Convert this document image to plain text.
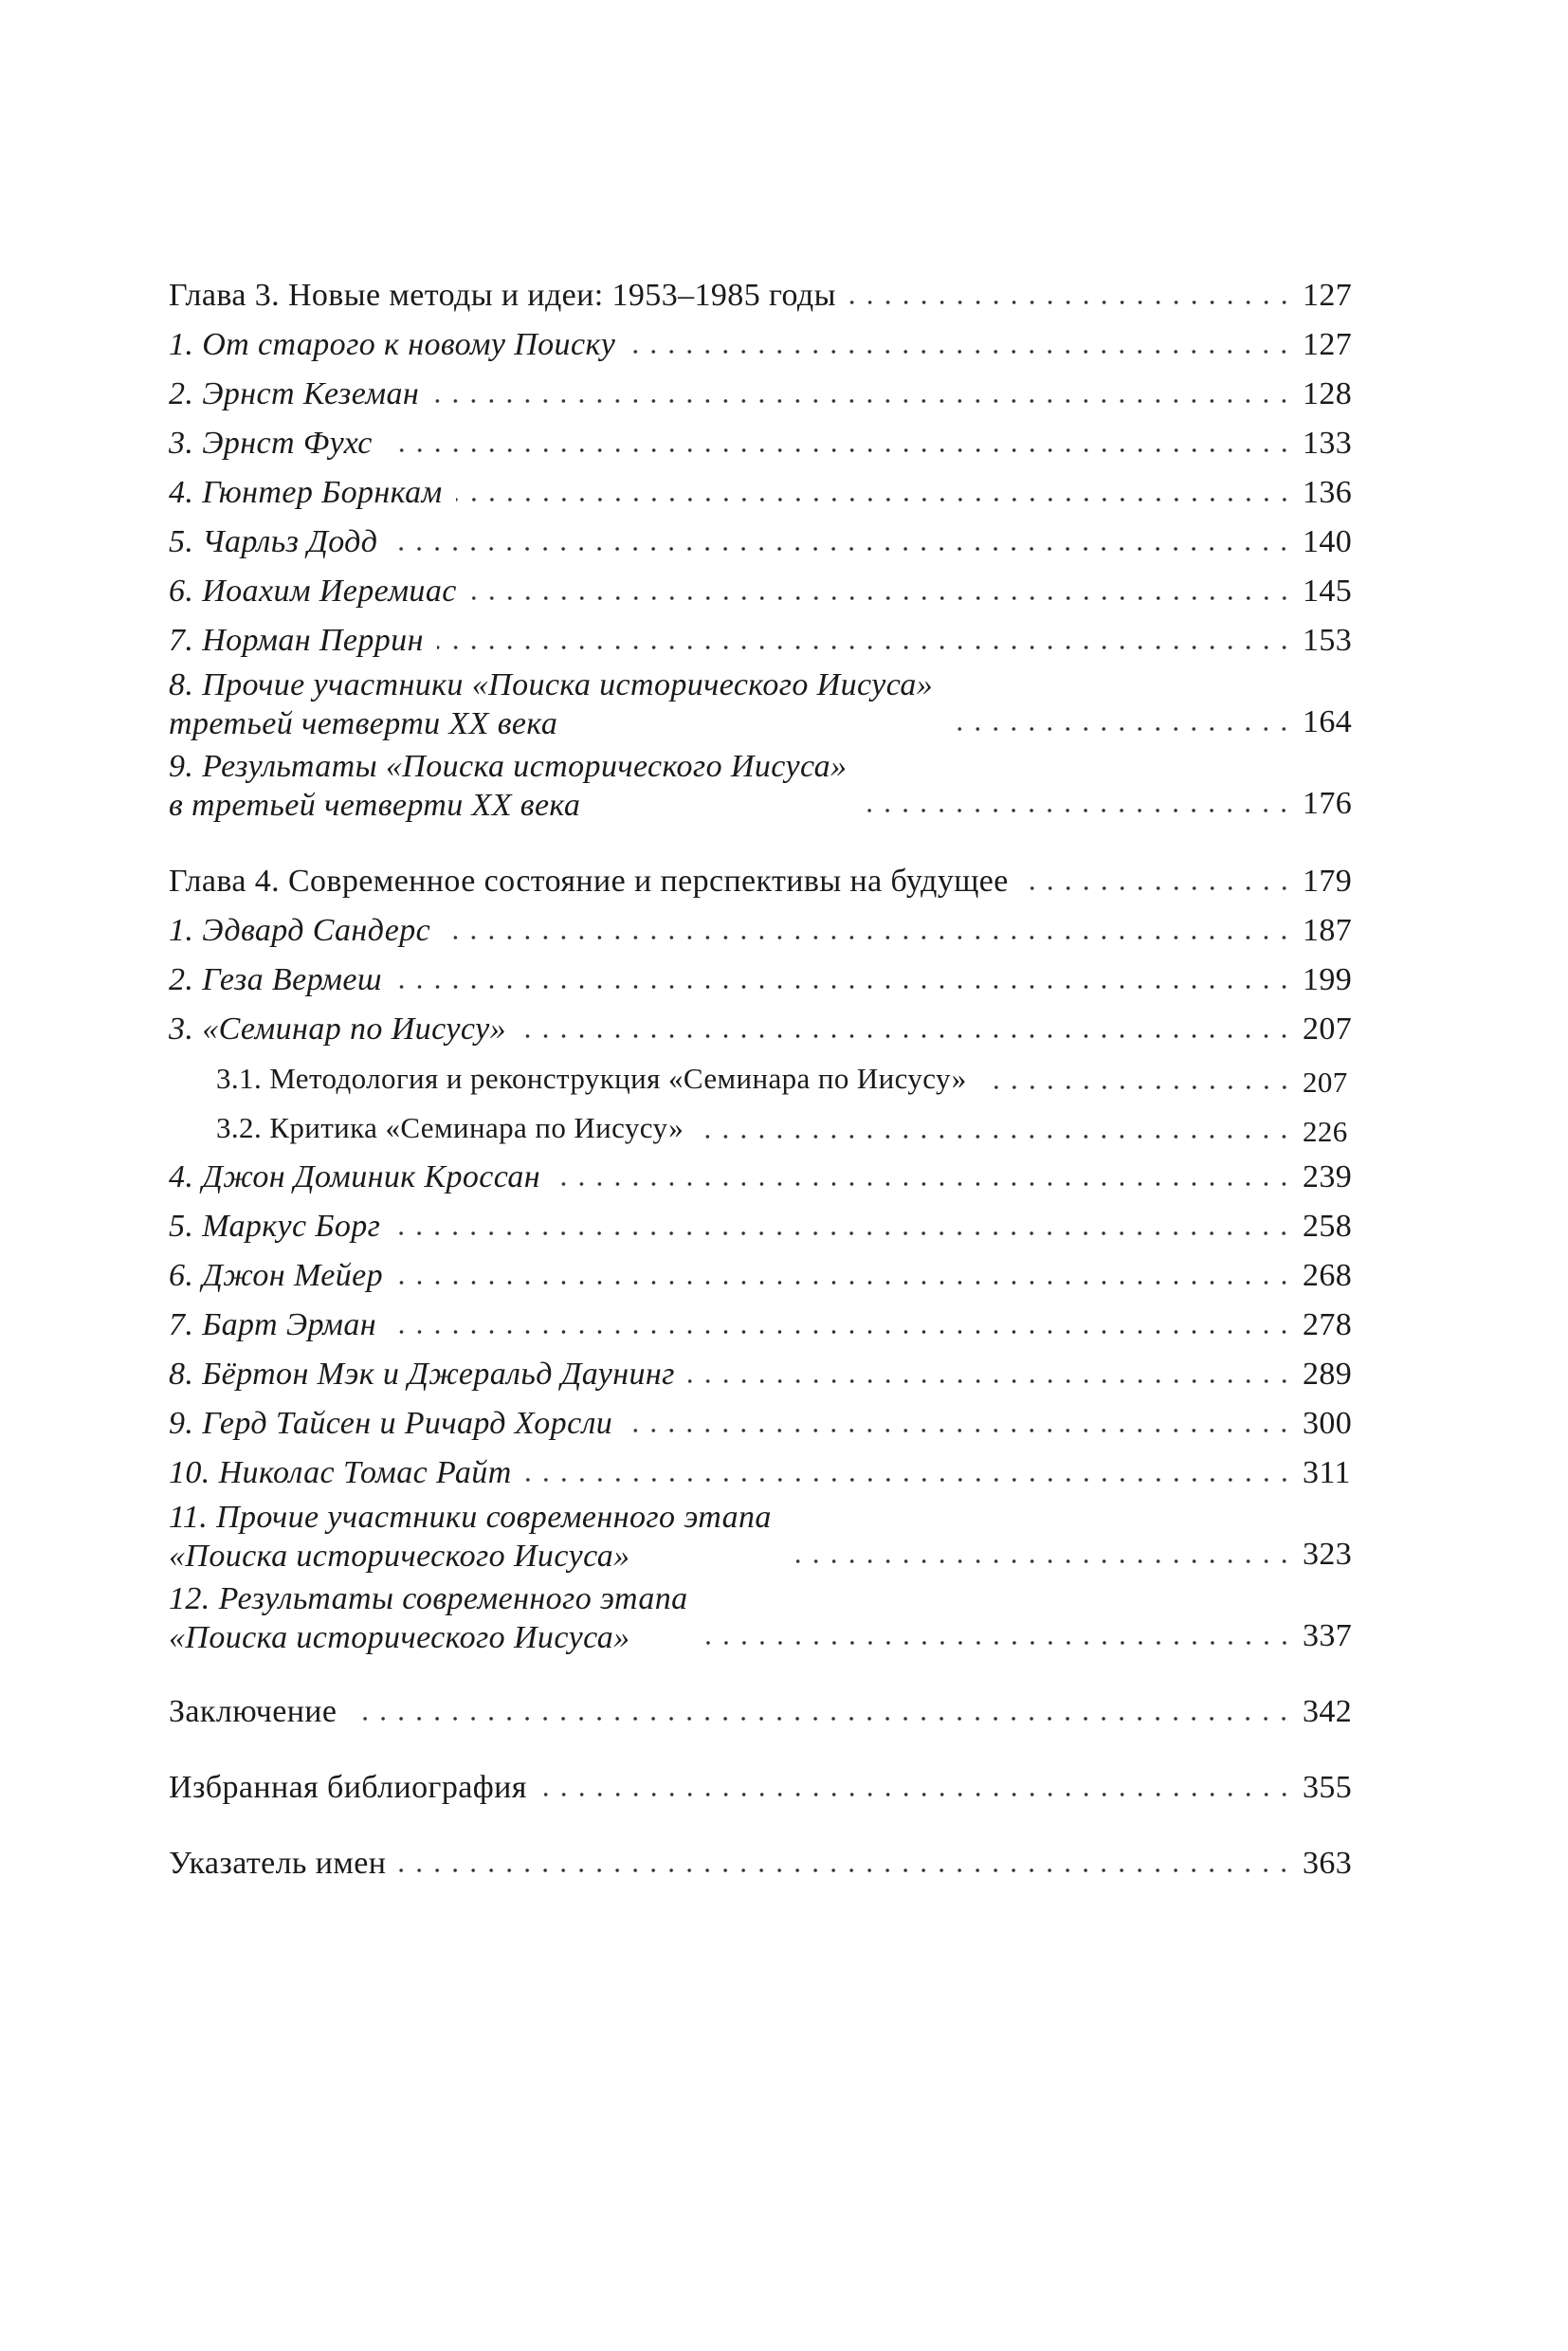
Глава 3. Новые методы и идеи: 1953–1985 годы	127
1. От старого к новому Поиску	127
2. Эрнст Кеземан	128
3. Эрнст Фухс	133
4. Гюнтер Борнкам	136
5. Чарльз Додд	140
6. Иоахим Иеремиас	145
7. Норман Перрин	153
8. Прочие участники «Поиска исторического Иисуса»
третьей четверти XX века	164
9. Результаты «Поиска исторического Иисуса»
в третьей четверти XX века	176
Глава 4. Современное состояние и перспективы на будущее	179
1. Эдвард Сандерс	187
2. Геза Вермеш	199
3. «Семинар по Иисусу»	207
3.1. Методология и реконструкция «Семинара по Иисусу»	207
3.2. Критика «Семинара по Иисусу»	226
4. Джон Доминик Кроссан	239
5. Маркус Борг	258
6. Джон Мейер	268
7. Барт Эрман	278
8. Бёртон Мэк и Джеральд Даунинг	289
9. Герд Тайсен и Ричард Хорсли	300
10. Николас Томас Райт	311
11. Прочие участники современного этапа
«Поиска исторического Иисуса»	323
12. Результаты современного этапа
«Поиска исторического Иисуса»	337
Заключение	342
Избранная библиография	355
Указатель имен	363
